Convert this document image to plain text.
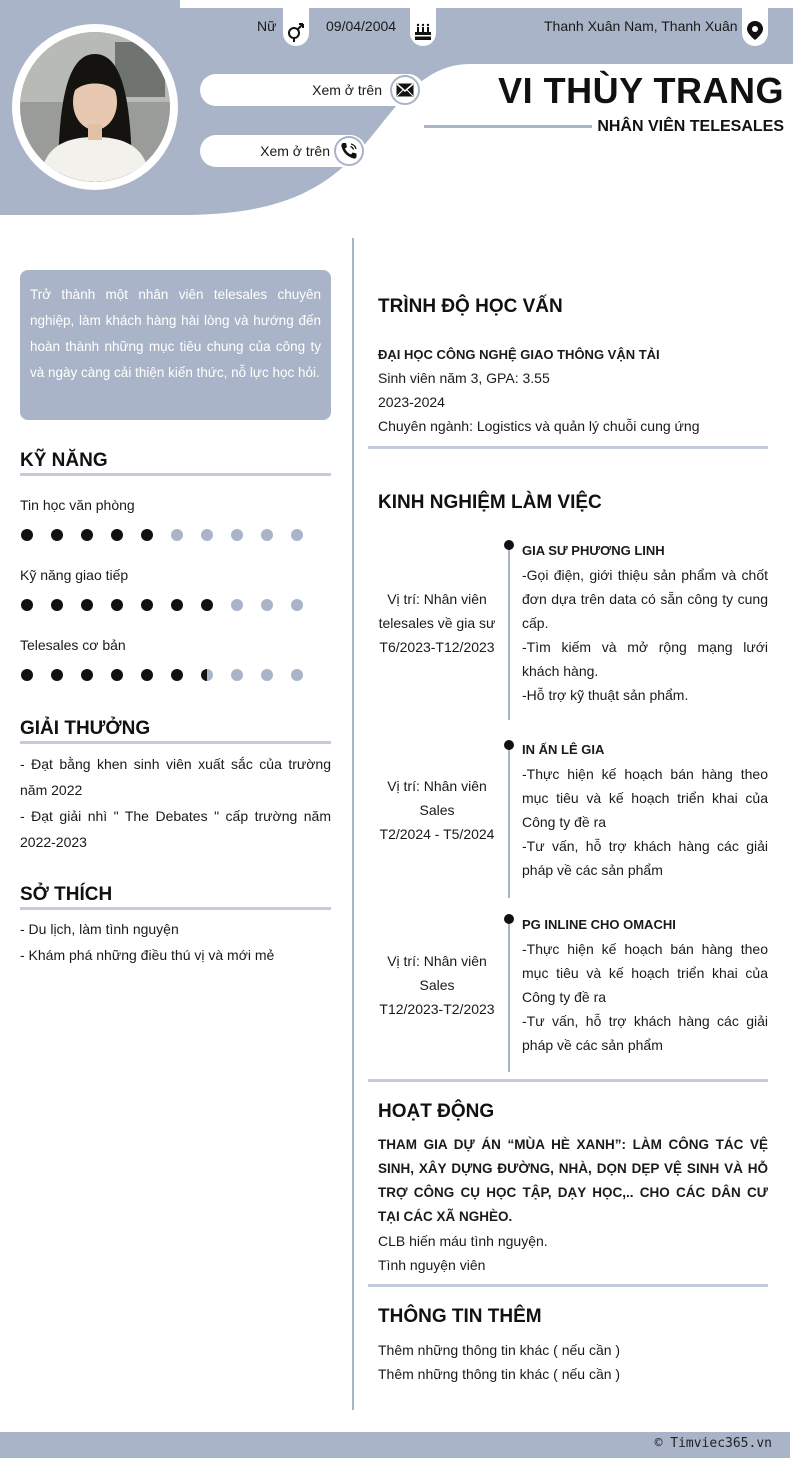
Nữ	09/04/2004	Thanh Xuân Nam, Thanh Xuân
Xem ở trên
Xem ở trên
VI THÙY TRANG
NHÂN VIÊN TELESALES
Trở thành một nhân viên telesales chuyên nghiệp, làm khách hàng hài lòng và hướng đến hoàn thành những mục tiêu chung của công ty và ngày càng cải thiện kiến thức, nỗ lực học hỏi.
KỸ NĂNG
Tin học văn phòng
Kỹ năng giao tiếp
Telesales cơ bản
GIẢI THƯỞNG
- Đạt bằng khen sinh viên xuất sắc của trường năm 2022
- Đạt giải nhì " The Debates " cấp trường năm 2022-2023
SỞ THÍCH
- Du lịch, làm tình nguyện
- Khám phá những điều thú vị và mới mẻ
TRÌNH ĐỘ HỌC VẤN
ĐẠI HỌC CÔNG NGHỆ GIAO THÔNG VẬN TẢI
Sinh viên năm 3, GPA: 3.55
2023-2024
Chuyên ngành: Logistics và quản lý chuỗi cung ứng
KINH NGHIỆM LÀM VIỆC
Vị trí: Nhân viên
telesales về gia sư
T6/2023-T12/2023
GIA SƯ PHƯƠNG LINH
-Gọi điện, giới thiệu sản phẩm và chốt đơn dựa trên data có sẵn công ty cung cấp.
-Tìm kiếm và mở rộng mạng lưới khách hàng.
-Hỗ trợ kỹ thuật sản phẩm.
Vị trí: Nhân viên
Sales
T2/2024 - T5/2024
IN ẤN LÊ GIA
-Thực hiện kế hoạch bán hàng theo mục tiêu và kế hoạch triển khai của Công ty đề ra
-Tư vấn, hỗ trợ khách hàng các giải pháp về các sản phẩm
Vị trí: Nhân viên
Sales
T12/2023-T2/2023
PG INLINE CHO OMACHI
-Thực hiện kế hoạch bán hàng theo mục tiêu và kế hoạch triển khai của Công ty đề ra
-Tư vấn, hỗ trợ khách hàng các giải pháp về các sản phẩm
HOẠT ĐỘNG
THAM GIA DỰ ÁN “MÙA HÈ XANH”: LÀM CÔNG TÁC VỆ SINH, XÂY DỰNG ĐƯỜNG, NHÀ, DỌN DẸP VỆ SINH VÀ HỖ TRỢ CÔNG CỤ HỌC TẬP, DẠY HỌC,.. CHO CÁC DÂN CƯ TẠI CÁC XÃ NGHÈO.
CLB hiến máu tình nguyện.
Tình nguyện viên
THÔNG TIN THÊM
Thêm những thông tin khác ( nếu cần )
Thêm những thông tin khác ( nếu cần )
© Timviec365.vn
